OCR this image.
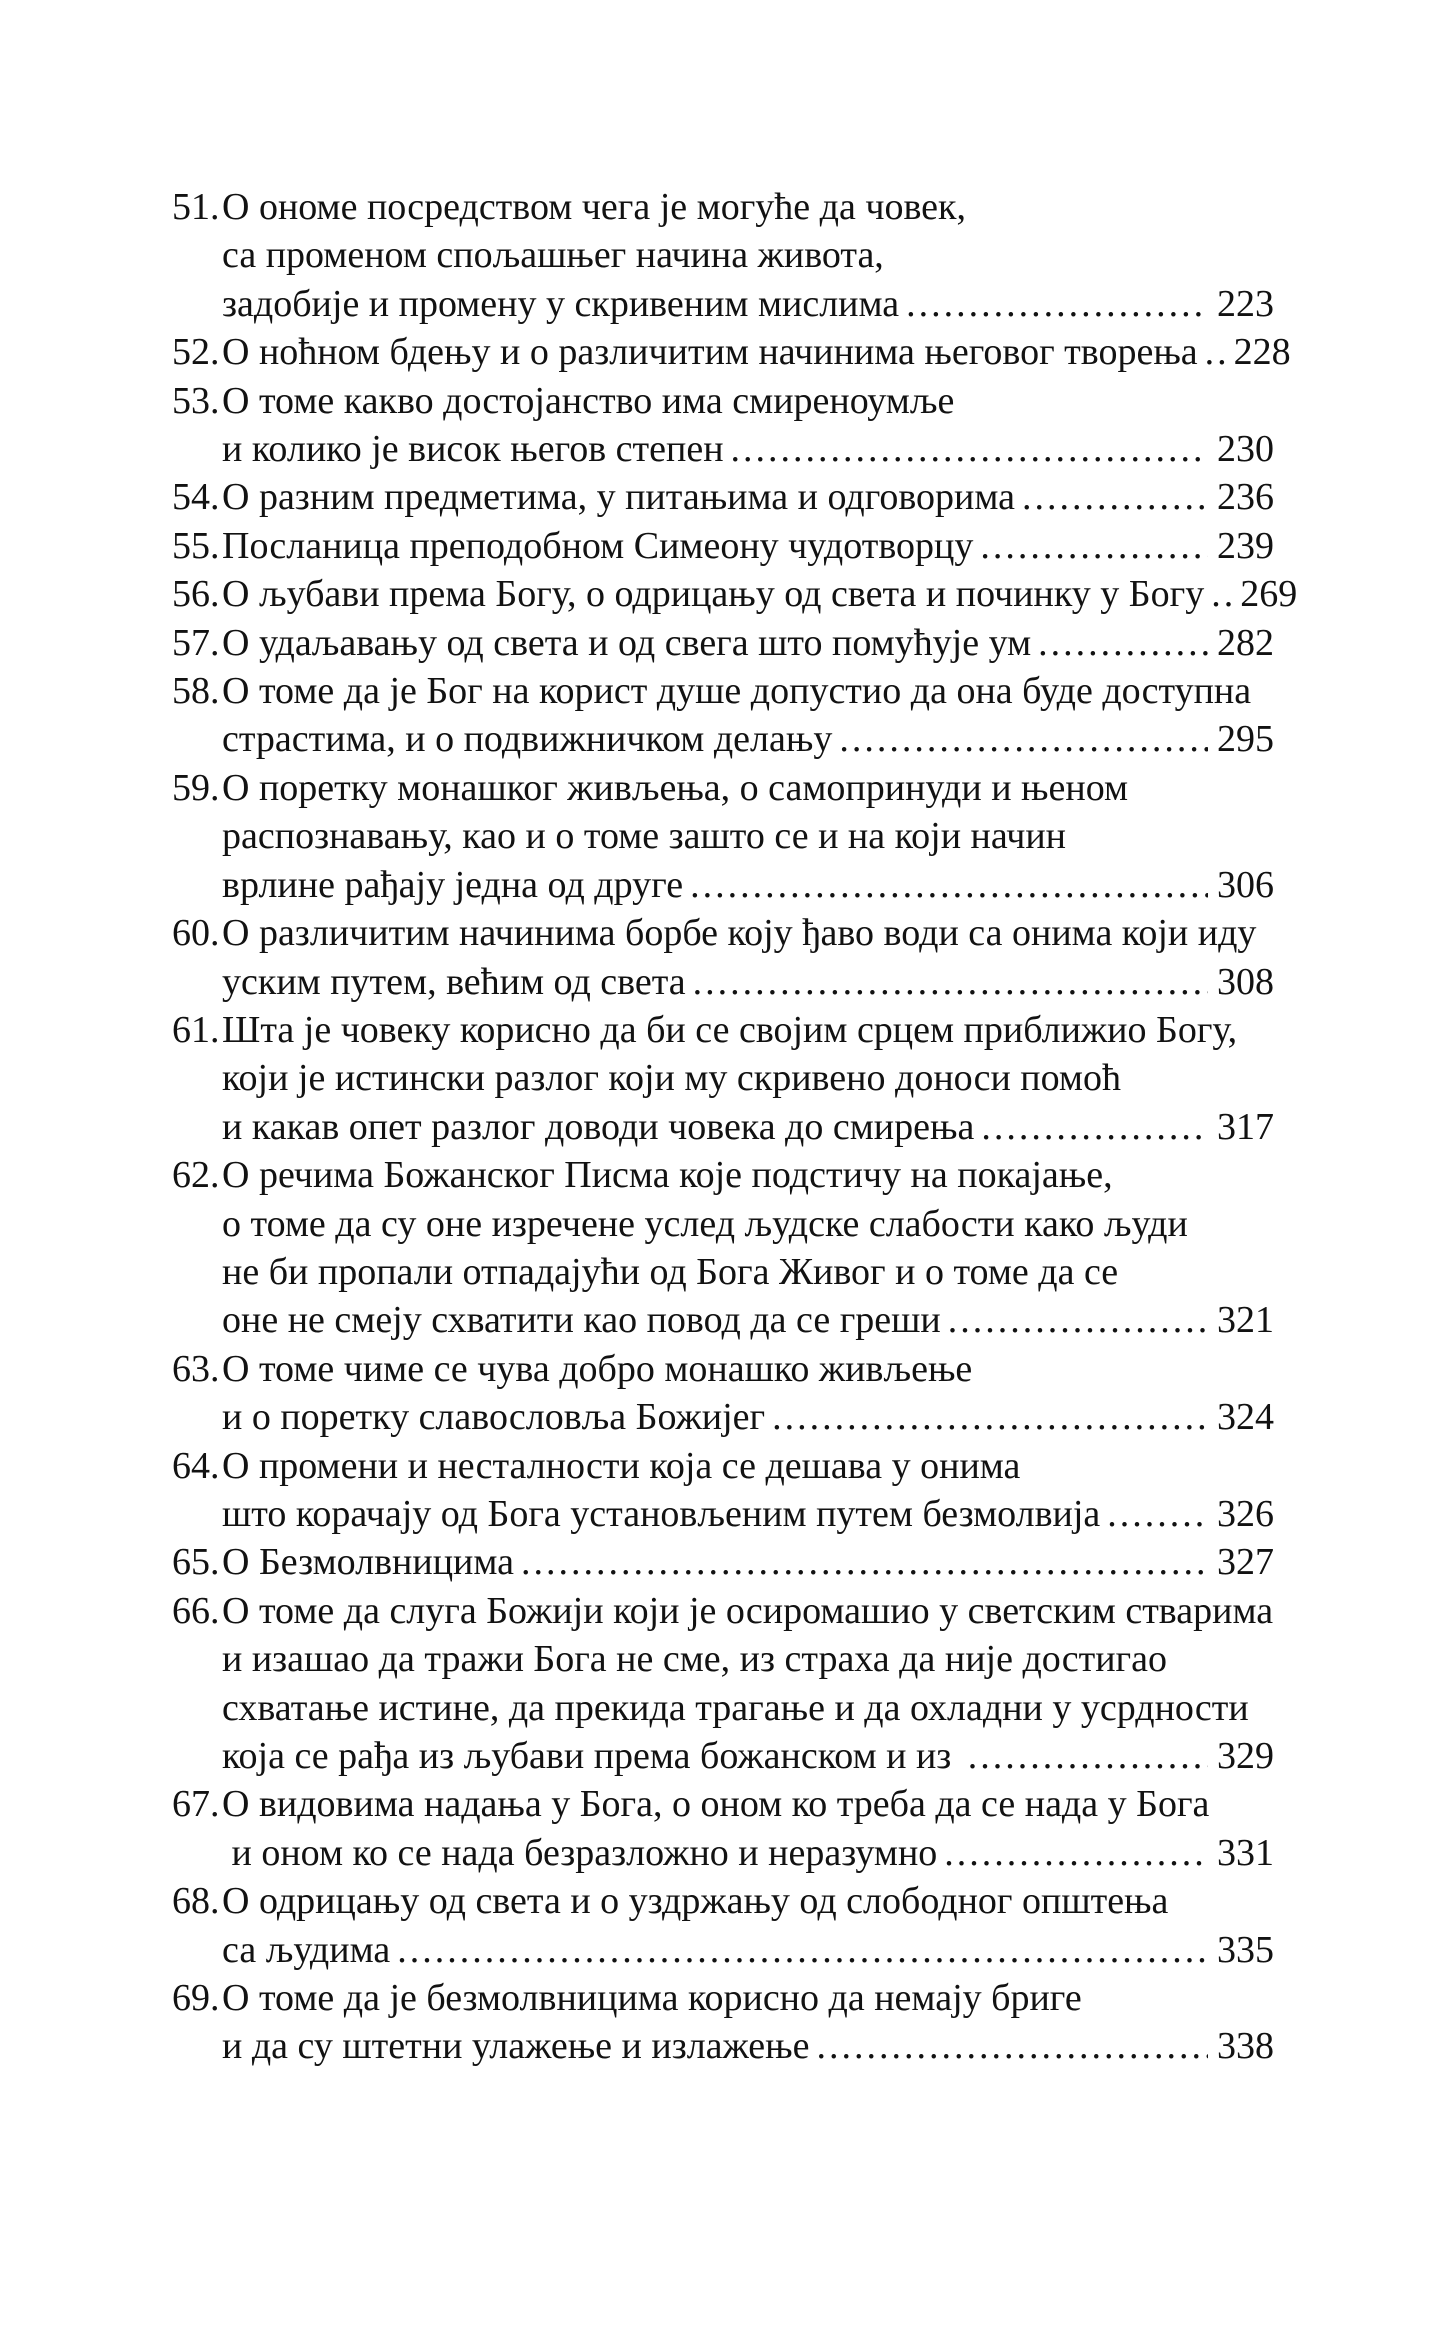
51. О ономе посредством чега је могуће да човек,
са променом спољашњег начина живота,
задобије и промену у скривеним мислима .....	223
52. О ноћном бдењу и о различитим начинима његовог творења ..... 228
53. О томе какво достојанство има смиреноумље
и колико је висок његов степен .....	230
54. О разним предметима, у питањима и одговорима .....	236
55. Посланица преподобном Симеону чудотворцу .....	239
56. О љубави према Богу, о одрицању од света и починку у Богу ..... 269
57. О удаљавању од света и од свега што помућује ум .....	282
58. О томе да је Бог на корист душе допустио да она буде доступна
страстима, и о подвижничком делању .....	295
59. О поретку монашког живљења, о самопринуди и њеном
распознавању, као и о томе зашто се и на који начин
врлине рађају једна од друге .....	306
60. О различитим начинима борбе коју ђаво води са онима који иду
уским путем, већим од света .....	308
61. Шта је човеку корисно да би се својим срцем приближио Богу,
који је истински разлог који му скривено доноси помоћ
и какав опет разлог доводи човека до смирења .....	317
62. О речима Божанског Писма које подстичу на покајање,
о томе да су оне изречене услед људске слабости како људи
не би пропали отпадајући од Бога Живог и о томе да се
оне не смеју схватити као повод да се греши .....	321
63. О томе чиме се чува добро монашко живљење
и о поретку славословља Божијег .....	324
64. О промени и несталности која се дешава у онима
што корачају од Бога установљеним путем безмолвија .....	326
65. О Безмолвницима .....	327
66. О томе да слуга Божији који је осиромашио у светским стварима
и изашао да тражи Бога не сме, из страха да није достигао
схватање истине, да прекида трагање и да охладни у усрдности
која се рађа из љубави према божанском и из .....	329
67. О видовима надања у Бога, о оном ко треба да се нада у Бога
и оном ко се нада безразложно и неразумно .....	331
68. О одрицању од света и о уздржању од слободног општења
са људима .....	335
69. О томе да је безмолвницима корисно да немају бриге
и да су штетни улажење и излажење .....	338
